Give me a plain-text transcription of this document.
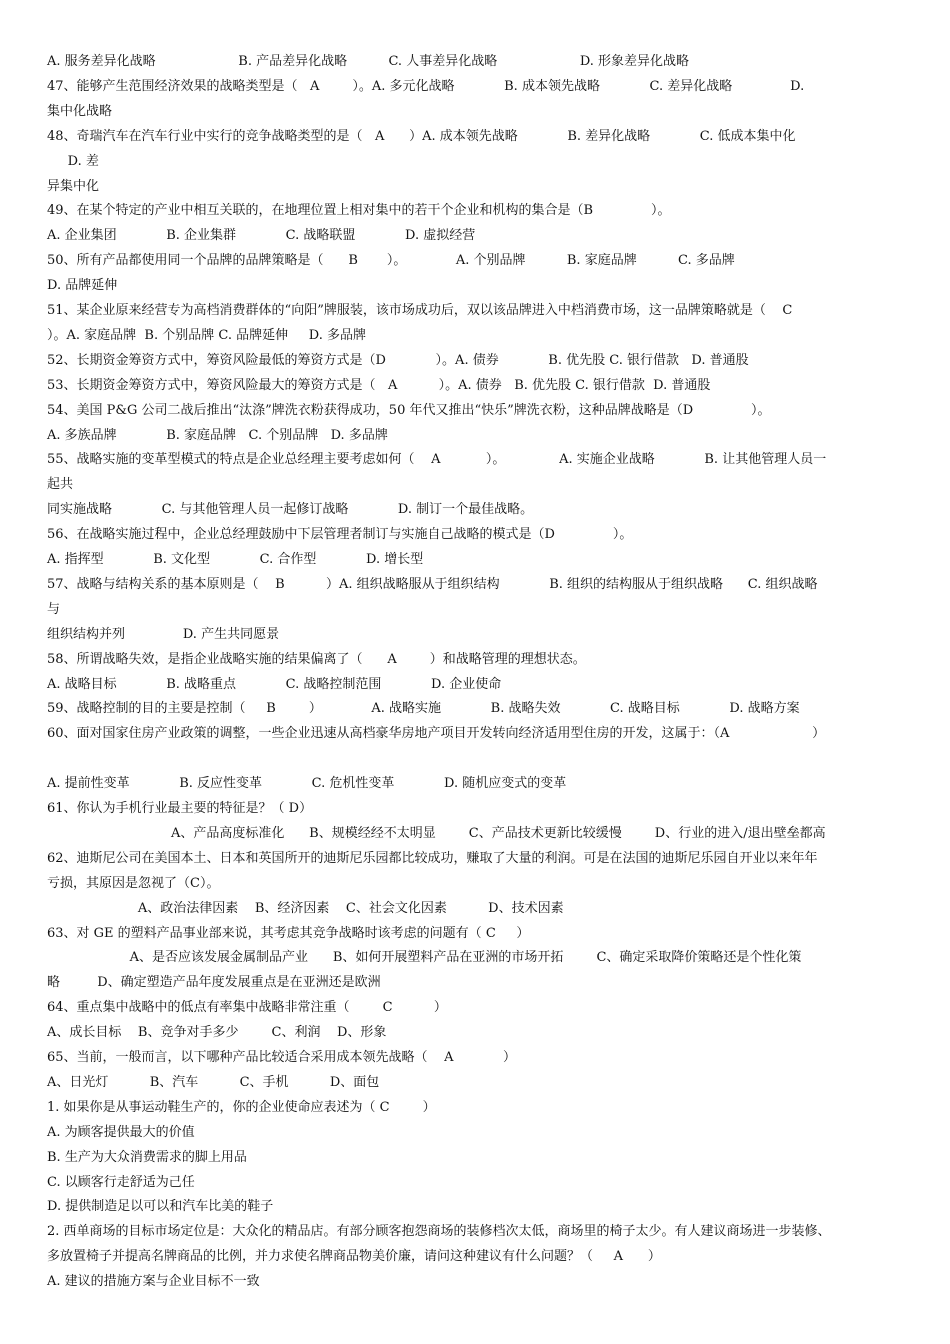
A. 服务差异化战略                    B. 产品差异化战略          C. 人事差异化战略                    D. 形象差异化战略
47、能够产生范围经济效果的战略类型是（   A        ）。A. 多元化战略            B. 成本领先战略            C. 差异化战略              D.
集中化战略
48、奇瑞汽车在汽车行业中实行的竞争战略类型的是（   A      ）A. 成本领先战略            B. 差异化战略            C. 低成本集中化
D. 差
异集中化
49、在某个特定的产业中相互关联的，在地理位置上相对集中的若干个企业和机构的集合是（B              ）。
A. 企业集团            B. 企业集群            C. 战略联盟            D. 虚拟经营
50、所有产品都使用同一个品牌的品牌策略是（      B       ）。            A. 个别品牌          B. 家庭品牌          C. 多品牌
D. 品牌延伸
51、某企业原来经营专为高档消费群体的“向阳”牌服装，该市场成功后，双以该品牌进入中档消费市场，这一品牌策略就是（    C
）。A. 家庭品牌  B. 个别品牌 C. 品牌延伸     D. 多品牌
52、长期资金筹资方式中，筹资风险最低的筹资方式是（D            ）。A. 债券            B. 优先股 C. 银行借款   D. 普通股
53、长期资金筹资方式中，筹资风险最大的筹资方式是（   A          ）。A. 债券   B. 优先股 C. 银行借款  D. 普通股
54、美国 P&G 公司二战后推出“汰涤”牌洗衣粉获得成功，50 年代又推出“快乐”牌洗衣粉，这种品牌战略是（D              ）。
A. 多族品牌            B. 家庭品牌   C. 个别品牌   D. 多品牌
55、战略实施的变革型模式的特点是企业总经理主要考虑如何（    A           ）。             A. 实施企业战略            B. 让其他管理人员一
起共
同实施战略            C. 与其他管理人员一起修订战略            D. 制订一个最佳战略。
56、在战略实施过程中，企业总经理鼓励中下层管理者制订与实施自己战略的模式是（D              ）。
A. 指挥型            B. 文化型            C. 合作型            D. 增长型
57、战略与结构关系的基本原则是（    B          ）A. 组织战略服从于组织结构            B. 组织的结构服从于组织战略      C. 组织战略
与
组织结构并列              D. 产生共同愿景
58、所谓战略失效，是指企业战略实施的结果偏离了（      A        ）和战略管理的理想状态。
A. 战略目标            B. 战略重点            C. 战略控制范围            D. 企业使命
59、战略控制的目的主要是控制（     B        ）            A. 战略实施            B. 战略失效            C. 战略目标            D. 战略方案
60、面对国家住房产业政策的调整，一些企业迅速从高档豪华房地产项目开发转向经济适用型住房的开发，这属于：（A                    ）
A. 提前性变革            B. 反应性变革            C. 危机性变革            D. 随机应变式的变革
61、你认为手机行业最主要的特征是？（ D）
A、产品高度标准化      B、规模经经不太明显        C、产品技术更新比较缓慢        D、行业的进入/退出壁垒都高
62、迪斯尼公司在美国本土、日本和英国所开的迪斯尼乐园都比较成功，赚取了大量的利润。可是在法国的迪斯尼乐园自开业以来年年
亏损，其原因是忽视了（C）。
A、政治法律因素    B、经济因素    C、社会文化因素          D、技术因素
63、对 GE 的塑料产品事业部来说，其考虑其竞争战略时该考虑的问题有（ C     ）
A、是否应该发展金属制品产业      B、如何开展塑料产品在亚洲的市场开拓        C、确定采取降价策略还是个性化策
略         D、确定塑造产品年度发展重点是在亚洲还是欧洲
64、重点集中战略中的低点有率集中战略非常注重（        C          ）
A、成长目标    B、竞争对手多少        C、利润    D、形象
65、当前，一般而言，以下哪种产品比较适合采用成本领先战略（    A            ）
A、日光灯          B、汽车          C、手机          D、面包
1. 如果你是从事运动鞋生产的，你的企业使命应表述为（ C        ）
A. 为顾客提供最大的价值
B. 生产为大众消费需求的脚上用品
C. 以顾客行走舒适为己任
D. 提供制造足以可以和汽车比美的鞋子
2. 西单商场的目标市场定位是：大众化的精品店。有部分顾客抱怨商场的装修档次太低，商场里的椅子太少。有人建议商场进一步装修、
多放置椅子并提高名牌商品的比例，并力求使名牌商品物美价廉，请问这种建议有什么问题？（     A      ）
A. 建议的措施方案与企业目标不一致
